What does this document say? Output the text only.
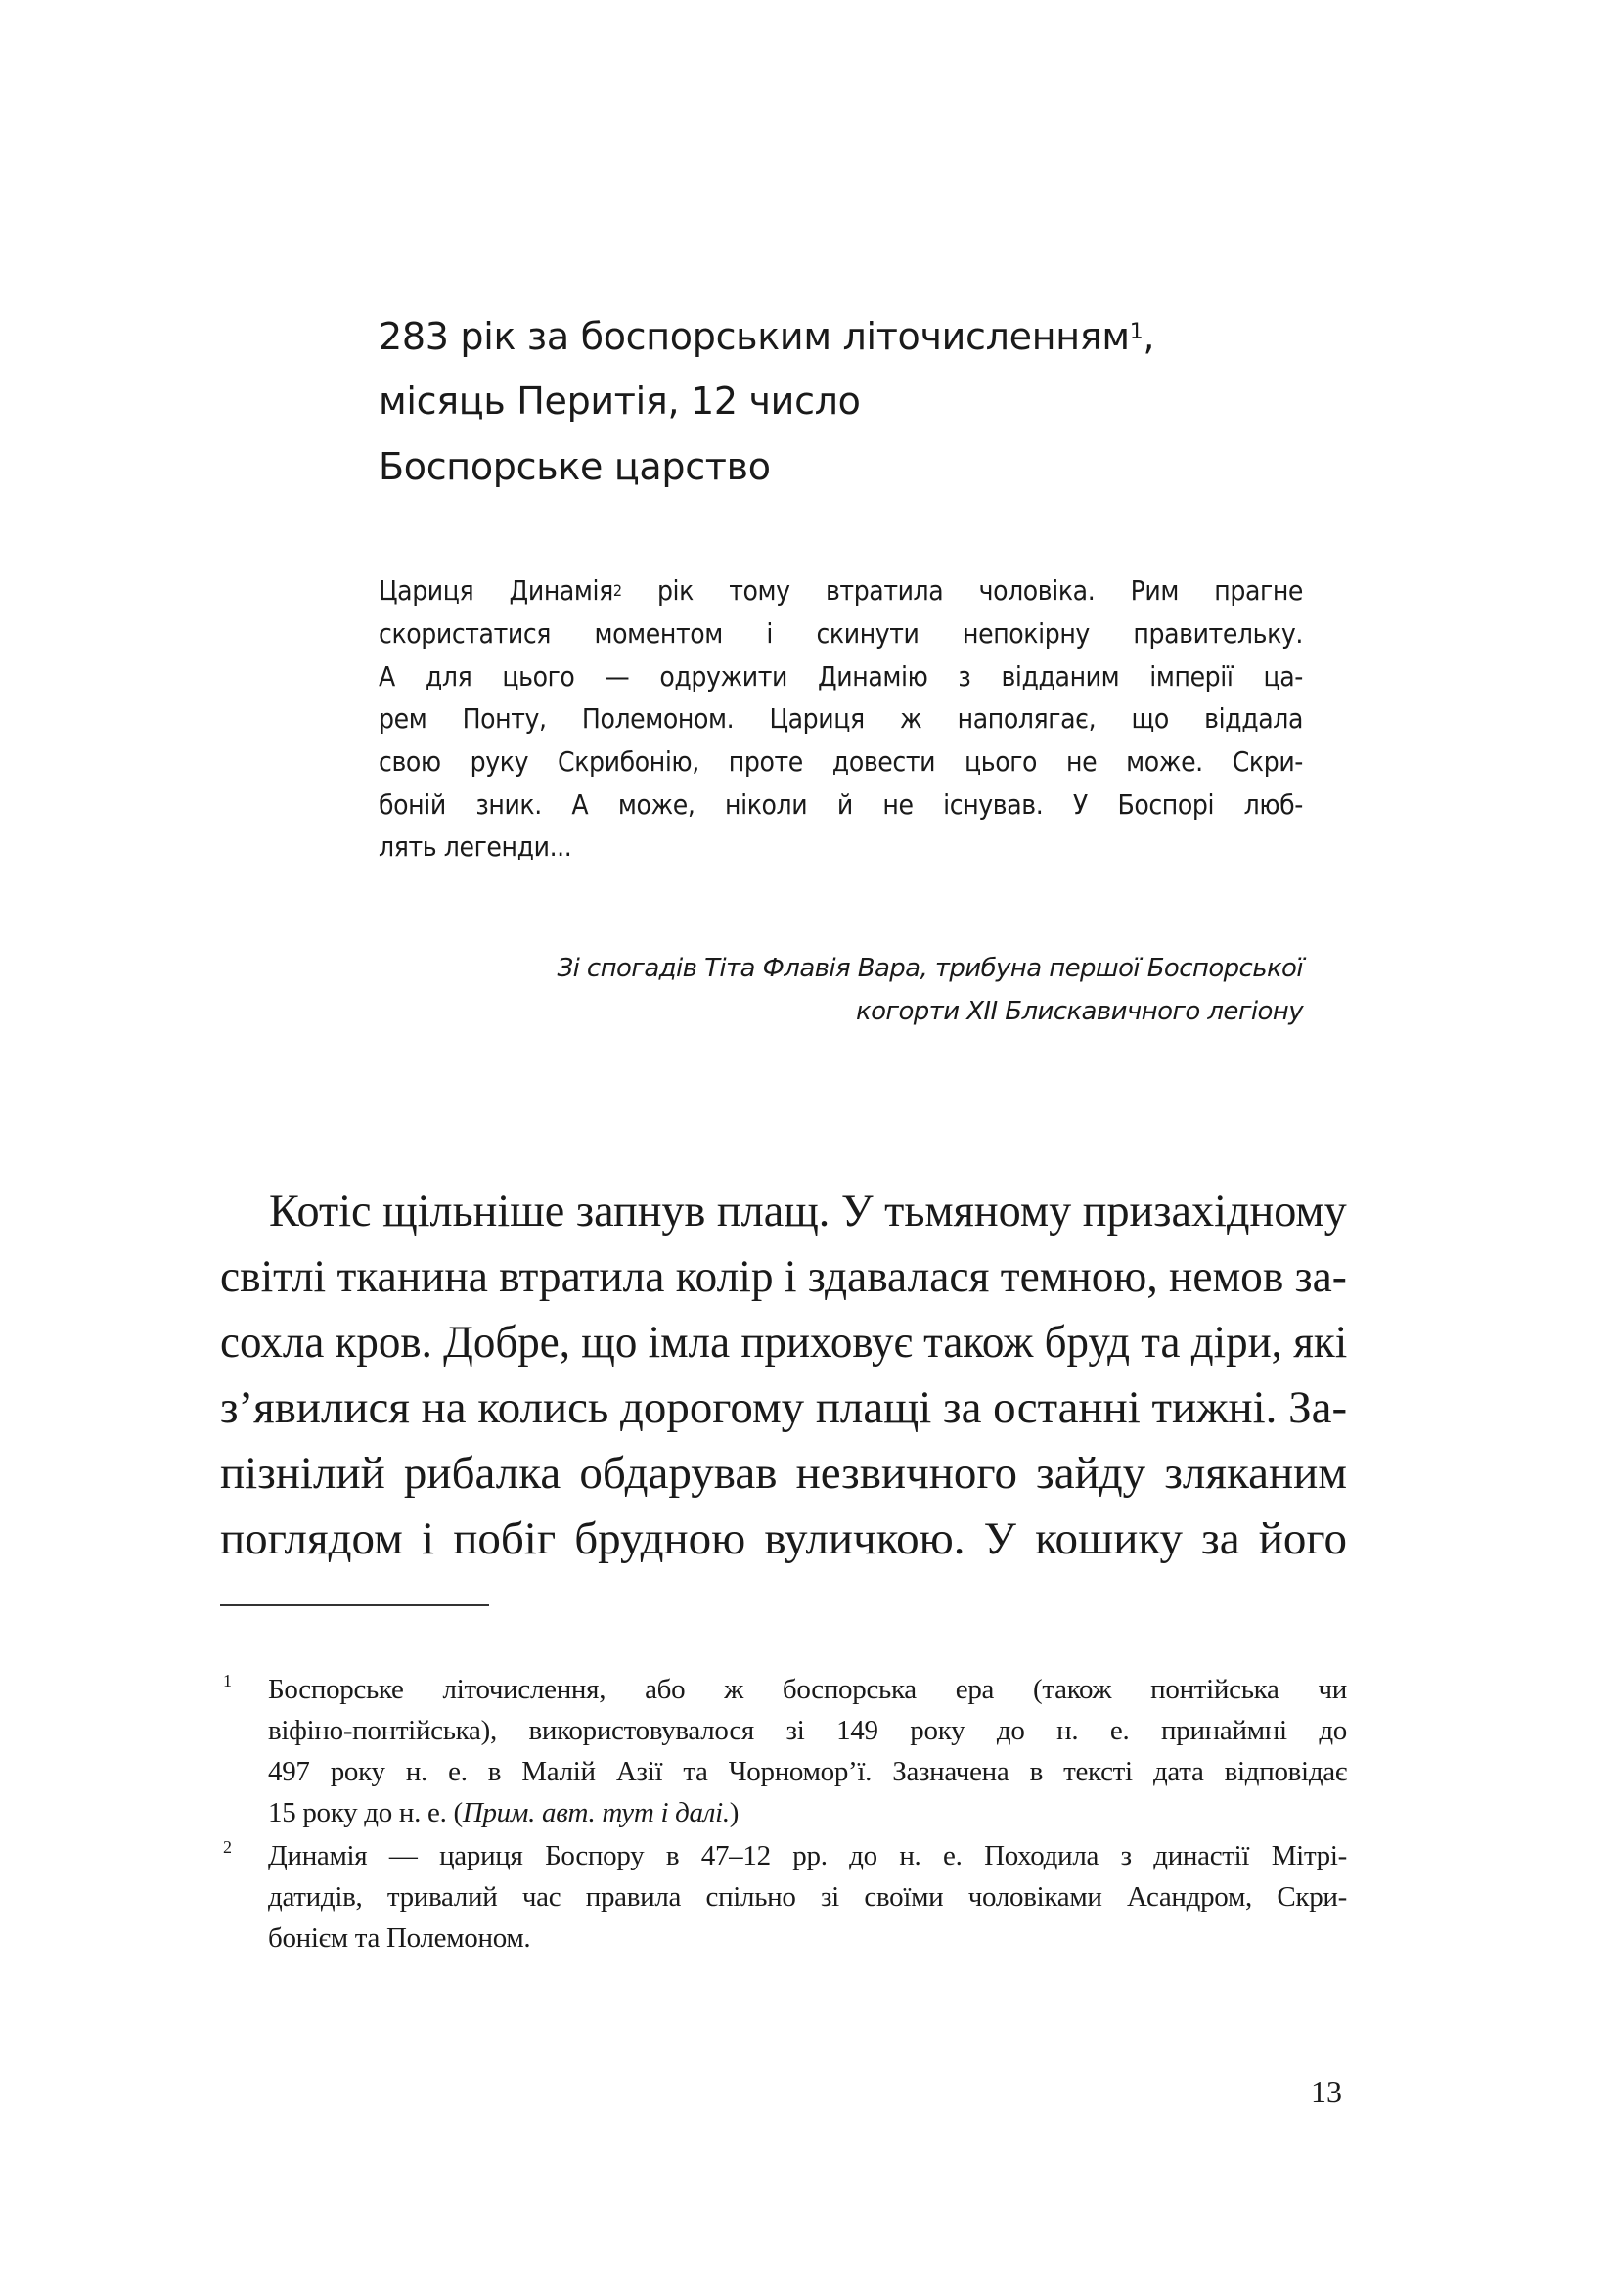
283 рік за боспорським літочисленням$^1$,
місяць Перитія, 12 число
Боспорське царство
Цариця Динамія$^2$ рік тому втратила чоловіка. Рим прагне
скористатися моментом і скинути непокірну правительку.
А для цього — одружити Динамію з відданим імперії ца-
рем Понту, Полемоном. Цариця ж наполягає, що віддала
свою руку Скрибонію, проте довести цього не може. Скри-
боній зник. А може, ніколи й не існував. У Боспорі люб-
лять легенди...
Зі спогадів Тіта Флавія Вара, трибуна першої Боспорської
когорти XII Блискавичного легіону
Котіс щільніше запнув плащ. У тьмяному призахідному
світлі тканина втратила колір і здавалася темною, немов за-
сохла кров. Добре, що імла приховує також бруд та діри, які
з’явилися на колись дорогому плащі за останні тижні. За-
пізнілий рибалка обдарував незвичного зайду зляканим
поглядом і побіг брудною вуличкою. У кошику за його
1 Боспорське літочислення, або ж боспорська ера (також понтійська чи
віфіно-понтійська), використовувалося зі 149 року до н. е. принаймні до
497 року н. е. в Малій Азії та Чорномор’ї. Зазначена в тексті дата відповідає
15 року до н. е. (Прим. авт. тут і далі.)
2 Динамія — цариця Боспору в 47–12 рр. до н. е. Походила з династії Мітрі-
датидів, тривалий час правила спільно зі своїми чоловіками Асандром, Скри-
бонієм та Полемоном.
13
